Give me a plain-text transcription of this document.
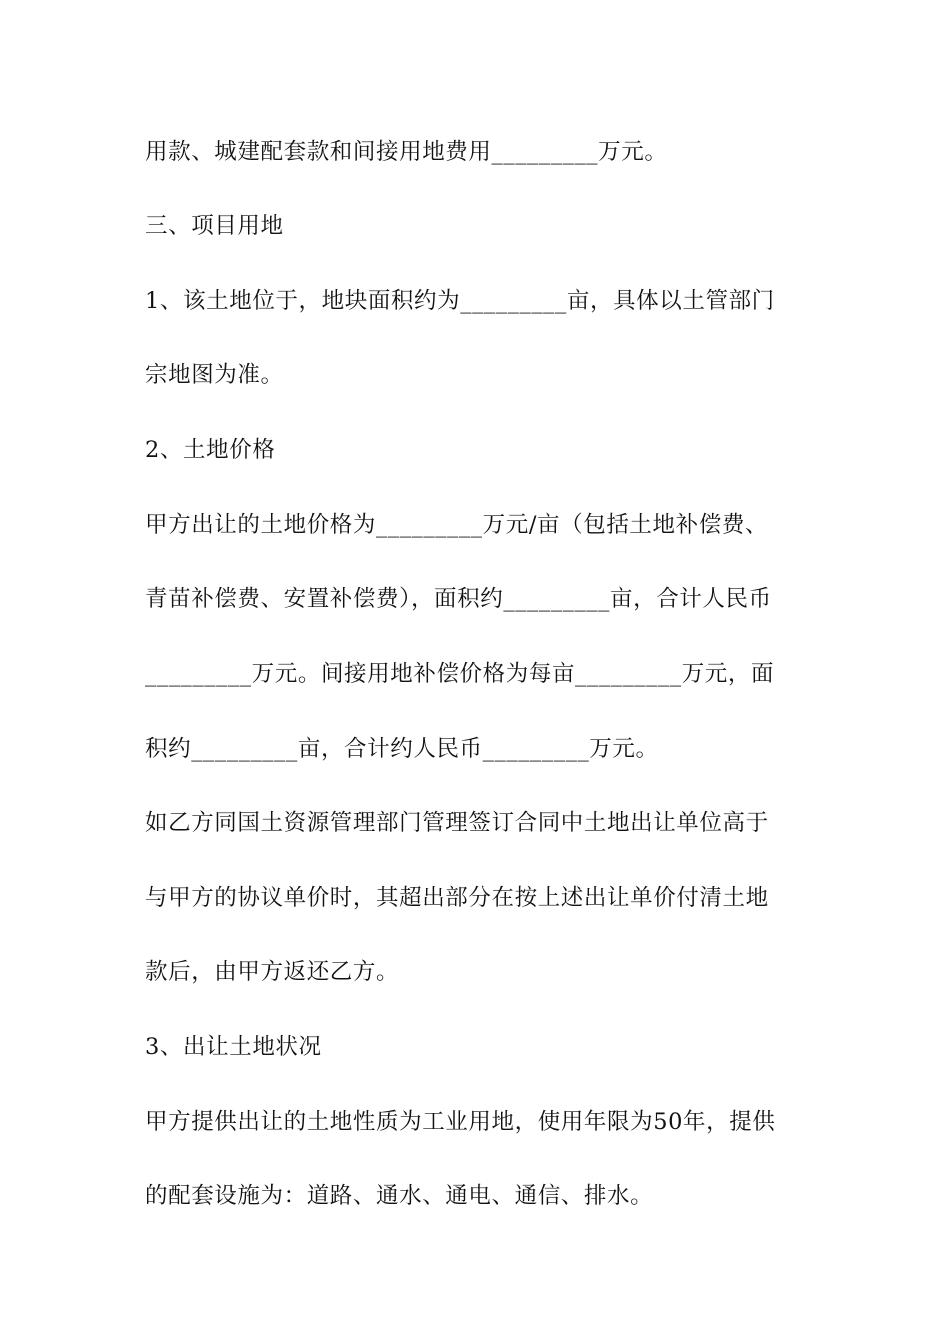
用款、城建配套款和间接用地费用_________万元。
三、项目用地
1、该土地位于，地块面积约为_________亩，具体以土管部门
宗地图为准。
2、土地价格
甲方出让的土地价格为_________万元/亩（包括土地补偿费、
青苗补偿费、安置补偿费），面积约_________亩，合计人民币
_________万元。间接用地补偿价格为每亩_________万元，面
积约_________亩，合计约人民币_________万元。
如乙方同国土资源管理部门管理签订合同中土地出让单位高于
与甲方的协议单价时，其超出部分在按上述出让单价付清土地
款后，由甲方返还乙方。
3、出让土地状况
甲方提供出让的土地性质为工业用地，使用年限为50年，提供
的配套设施为：道路、通水、通电、通信、排水。
